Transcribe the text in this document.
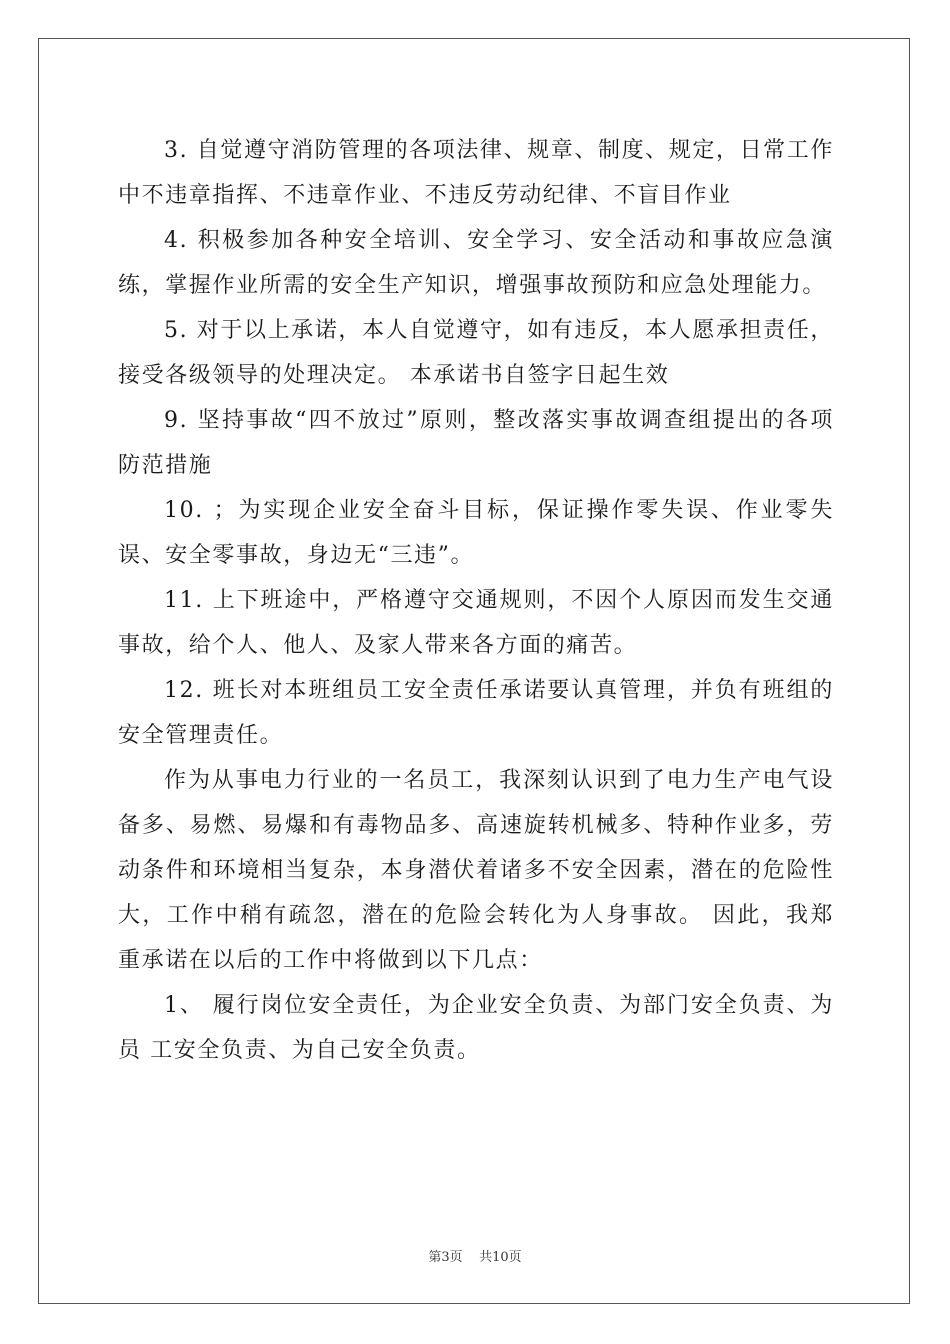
3. 自觉遵守消防管理的各项法律、规章、制度、规定，日常工作中不违章指挥、不违章作业、不违反劳动纪律、不盲目作业

4. 积极参加各种安全培训、安全学习、安全活动和事故应急演练，掌握作业所需的安全生产知识，增强事故预防和应急处理能力。

5. 对于以上承诺，本人自觉遵守，如有违反，本人愿承担责任，接受各级领导的处理决定。 本承诺书自签字日起生效

9. 坚持事故“四不放过”原则，整改落实事故调查组提出的各项防范措施

10. ；为实现企业安全奋斗目标，保证操作零失误、作业零失误、安全零事故，身边无“三违”。

11. 上下班途中，严格遵守交通规则，不因个人原因而发生交通事故，给个人、他人、及家人带来各方面的痛苦。

12. 班长对本班组员工安全责任承诺要认真管理，并负有班组的安全管理责任。

作为从事电力行业的一名员工，我深刻认识到了电力生产电气设备多、易燃、易爆和有毒物品多、高速旋转机械多、特种作业多，劳动条件和环境相当复杂，本身潜伏着诸多不安全因素，潜在的危险性大，工作中稍有疏忽，潜在的危险会转化为人身事故。 因此，我郑重承诺在以后的工作中将做到以下几点：

1、 履行岗位安全责任，为企业安全负责、为部门安全负责、为员 工安全负责、为自己安全负责。

第3页 共10页
